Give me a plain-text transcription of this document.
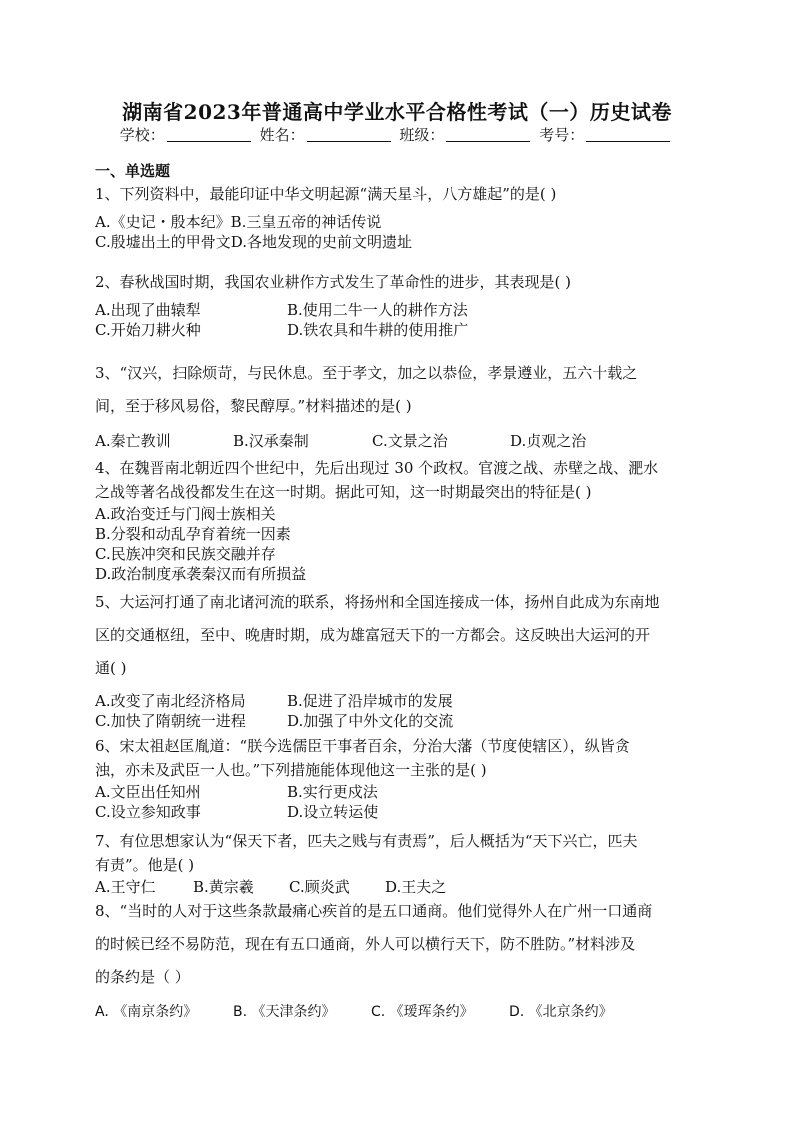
湖南省2023年普通高中学业水平合格性考试（一）历史试卷
学校：	姓名：	班级：	考号：
一、单选题

1、下列资料中，最能印证中华文明起源“满天星斗，八方雄起”的是( )

A.《史记・殷本纪》B.三皇五帝的神话传说
C.殷墟出土的甲骨文D.各地发现的史前文明遗址

2、春秋战国时期，我国农业耕作方式发生了革命性的进步，其表现是( )

A.出现了曲辕犁	B.使用二牛一人的耕作方法
C.开始刀耕火种	D.铁农具和牛耕的使用推广

3、“汉兴，扫除烦苛，与民休息。至于孝文，加之以恭俭，孝景遵业，五六十载之
间，至于移风易俗，黎民醇厚。”材料描述的是( )

A.秦亡教训	B.汉承秦制	C.文景之治	D.贞观之治

4、在魏晋南北朝近四个世纪中，先后出现过 30 个政权。官渡之战、赤壁之战、淝水
之战等著名战役都发生在这一时期。据此可知，这一时期最突出的特征是( )

A.政治变迁与门阀士族相关
B.分裂和动乱孕育着统一因素
C.民族冲突和民族交融并存
D.政治制度承袭秦汉而有所损益

5、大运河打通了南北诸河流的联系，将扬州和全国连接成一体，扬州自此成为东南地
区的交通枢纽，至中、晚唐时期，成为雄富冠天下的一方都会。这反映出大运河的开
通( )

A.改变了南北经济格局	B.促进了沿岸城市的发展
C.加快了隋朝统一进程	D.加强了中外文化的交流

6、宋太祖赵匡胤道：“朕今选儒臣干事者百余，分治大藩（节度使辖区），纵皆贪
浊，亦未及武臣一人也。”下列措施能体现他这一主张的是( )

A.文臣出任知州	B.实行更戍法
C.设立参知政事	D.设立转运使

7、有位思想家认为“保天下者，匹夫之贱与有责焉”，后人概括为“天下兴亡，匹夫
有责”。他是( )

A.王守仁	B.黄宗羲	C.顾炎武	D.王夫之

8、“当时的人对于这些条款最痛心疾首的是五口通商。他们觉得外人在广州一口通商
的时候已经不易防范，现在有五口通商，外人可以横行天下，防不胜防。”材料涉及
的条约是（ ）

A. 《南京条约》	B. 《天津条约》	C. 《瑷珲条约》	D. 《北京条约》
